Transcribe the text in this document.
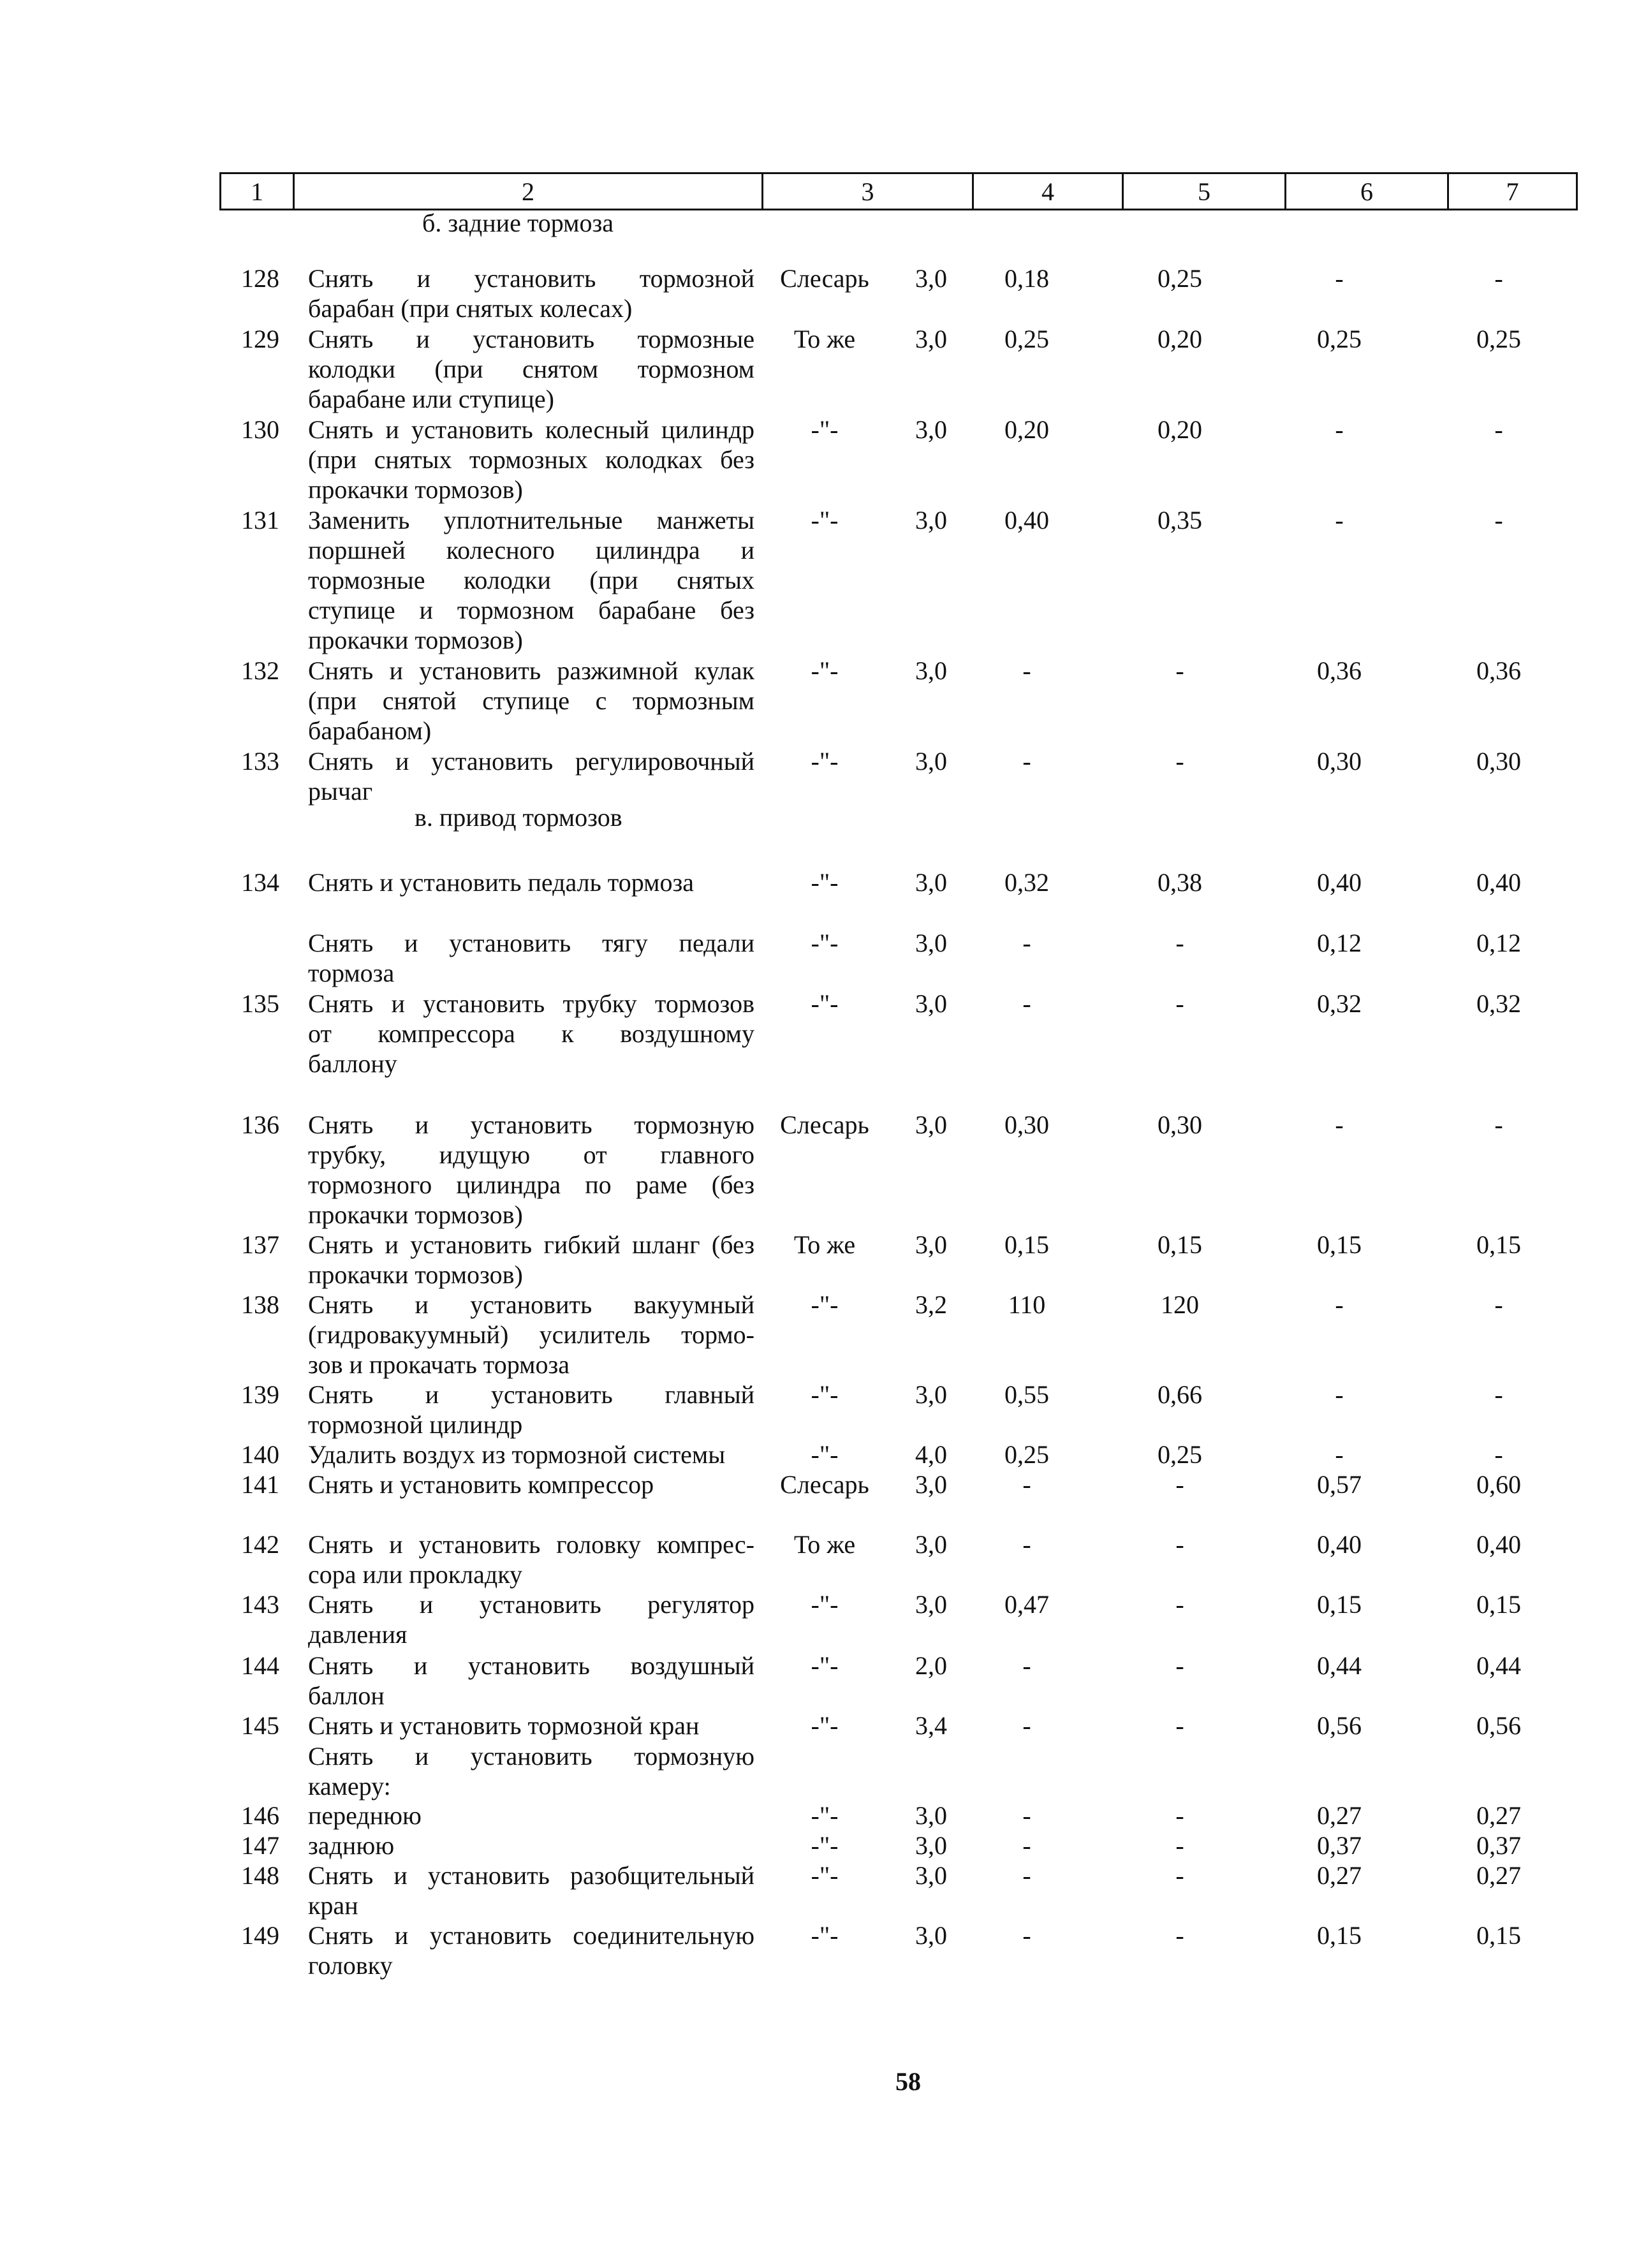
1	2	3	4	5	6	7
б. задние тормоза
128	Снять и установить тормозной
барабан (при снятых колесах)
Слесарь	3,0	0,18	0,25	-	-
129	Снять и установить тормозные
колодки (при снятом тормозном
барабане или ступице)
То же	3,0	0,25	0,20	0,25	0,25
130	Снять и установить колесный цилиндр
(при снятых тормозных колодках без
прокачки тормозов)
-"-	3,0	0,20	0,20	-	-
131	Заменить уплотнительные манжеты
поршней колесного цилиндра и
тормозные колодки (при снятых
ступице и тормозном барабане без
прокачки тормозов)
-"-	3,0	0,40	0,35	-	-
132	Снять и установить разжимной кулак
(при снятой ступице с тормозным
барабаном)
-"-	3,0	-	-	0,36	0,36
133	Снять и установить регулировочный
рычаг
-"-	3,0	-	-	0,30	0,30
134	Снять и установить педаль тормоза	-"-	3,0	0,32	0,38	0,40	0,40
Снять и установить тягу педали
тормоза
-"-	3,0	-	-	0,12	0,12
135	Снять и установить трубку тормозов
от компрессора к воздушному
баллону
-"-	3,0	-	-	0,32	0,32
136	Снять и установить тормозную
трубку, идущую от главного
тормозного цилиндра по раме (без
прокачки тормозов)
Слесарь	3,0	0,30	0,30	-	-
137	Снять и установить гибкий шланг (без
прокачки тормозов)
То же	3,0	0,15	0,15	0,15	0,15
138	Снять и установить вакуумный
(гидровакуумный) усилитель тормо-
зов и прокачать тормоза
-"-	3,2	110	120	-	-
139	Снять и установить главный
тормозной цилиндр
-"-	3,0	0,55	0,66	-	-
140	Удалить воздух из тормозной системы	-"-	4,0	0,25	0,25	-	-
141	Снять и установить компрессор	Слесарь	3,0	-	-	0,57	0,60
142	Снять и установить головку компрес-
сора или прокладку
То же	3,0	-	-	0,40	0,40
143	Снять и установить регулятор
давления
-"-	3,0	0,47	-	0,15	0,15
144	Снять и установить воздушный
баллон
-"-	2,0	-	-	0,44	0,44
145	Снять и установить тормозной кран	-"-	3,4	-	-	0,56	0,56
Снять и установить тормозную
камеру:
146	переднюю	-"-	3,0	-	-	0,27	0,27
147	заднюю	-"-	3,0	-	-	0,37	0,37
148	Снять и установить разобщительный
кран
-"-	3,0	-	-	0,27	0,27
149	Снять и установить соединительную
головку
-"-	3,0	-	-	0,15	0,15
в. привод тормозов
58
